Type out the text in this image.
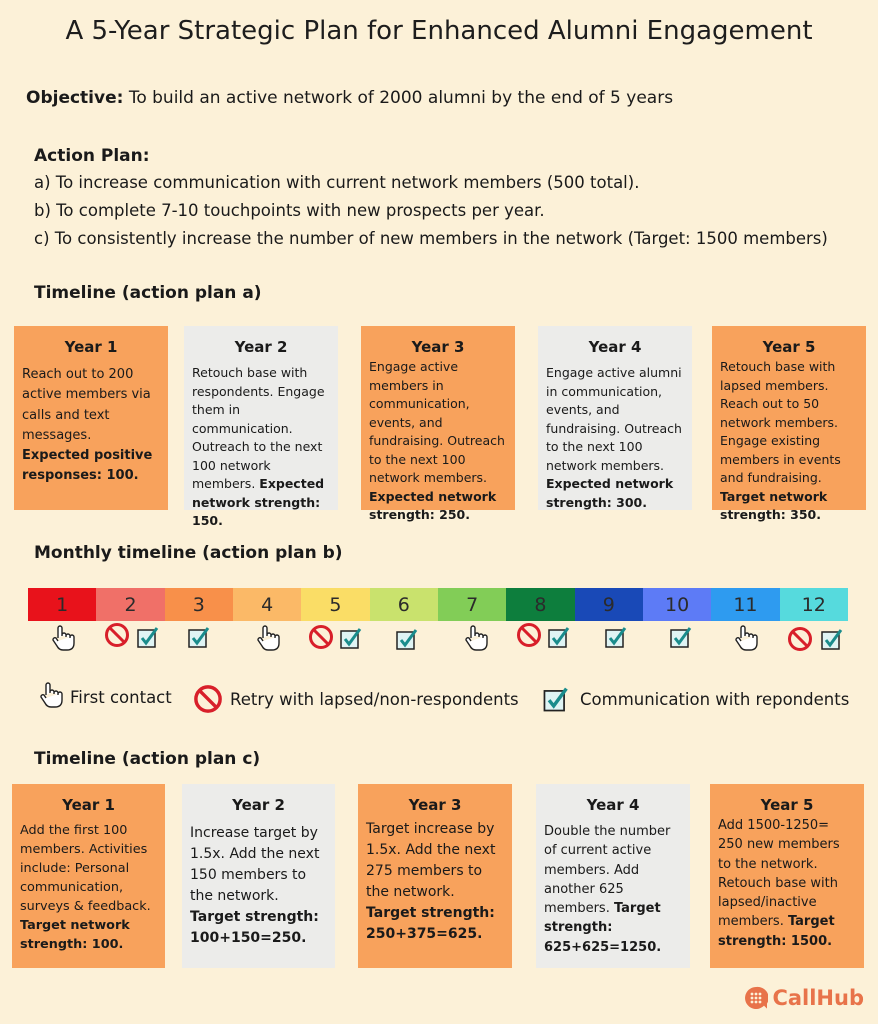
A 5-Year Strategic Plan for Enhanced Alumni Engagement
Objective: To build an active network of 2000 alumni by the end of 5 years
Action Plan:
a) To increase communication with current network members (500 total).
b) To complete 7-10 touchpoints with new prospects per year.
c) To consistently increase the number of new members in the network (Target: 1500 members)
Timeline (action plan a)
Year 1
Reach out to 200 active members via calls and text messages. Expected positive responses: 100.
Year 2
Retouch base with respondents. Engage them in communication. Outreach to the next 100 network members. Expected network strength: 150.
Year 3
Engage active members in communication, events, and fundraising. Outreach to the next 100 network members. Expected network strength: 250.
Year 4
Engage active alumni in communication, events, and fundraising. Outreach to the next 100 network members. Expected network strength: 300.
Year 5
Retouch base with lapsed members. Reach out to 50 network members. Engage existing members in events and fundraising. Target network strength: 350.
Monthly timeline (action plan b)
1	2	3	4	5	6	7	8	9	10	11	12
First contact	Retry with lapsed/non-respondents	Communication with repondents
Timeline (action plan c)
Year 1
Add the first 100 members. Activities include: Personal communication, surveys & feedback. Target network strength: 100.
Year 2
Increase target by 1.5x. Add the next 150 members to the network. Target strength: 100+150=250.
Year 3
Target increase by 1.5x. Add the next 275 members to the network. Target strength: 250+375=625.
Year 4
Double the number of current active members. Add another 625 members. Target strength: 625+625=1250.
Year 5
Add 1500-1250= 250 new members to the network. Retouch base with lapsed/inactive members. Target strength: 1500.
CallHub
